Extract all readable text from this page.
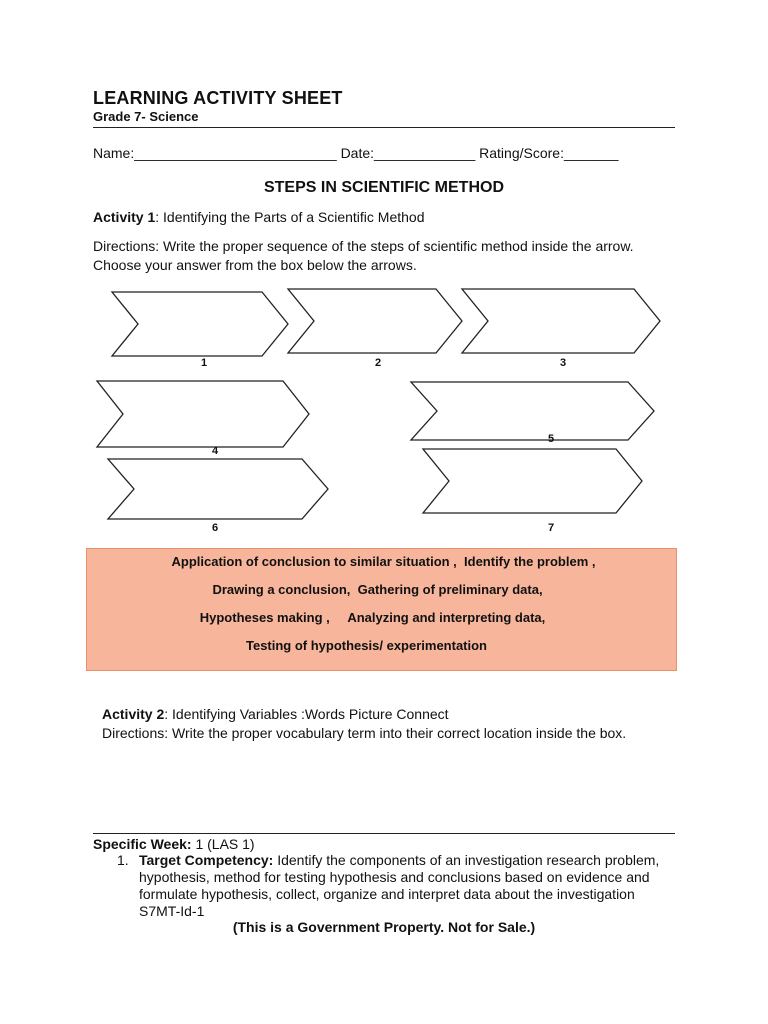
LEARNING ACTIVITY SHEET
Grade 7- Science
Name:__________________________ Date:_____________ Rating/Score:_______
STEPS IN SCIENTIFIC METHOD
Activity 1: Identifying the Parts of a Scientific Method
Directions: Write the proper sequence of the steps of scientific method inside the arrow. Choose your answer from the box below the arrows.
1	2	3
4
5
6	7
Application of conclusion to similar situation ,  Identify the problem ,
Drawing a conclusion,  Gathering of preliminary data,
Hypotheses making ,     Analyzing and interpreting data,
Testing of hypothesis/ experimentation
Activity 2: Identifying Variables :Words Picture Connect
Directions: Write the proper vocabulary term into their correct location inside the box.
Specific Week: 1 (LAS 1)
1. Target Competency: Identify the components of an investigation research problem, hypothesis, method for testing hypothesis and conclusions based on evidence and formulate hypothesis, collect, organize and interpret data about the investigation S7MT-Id-1
(This is a Government Property. Not for Sale.)
